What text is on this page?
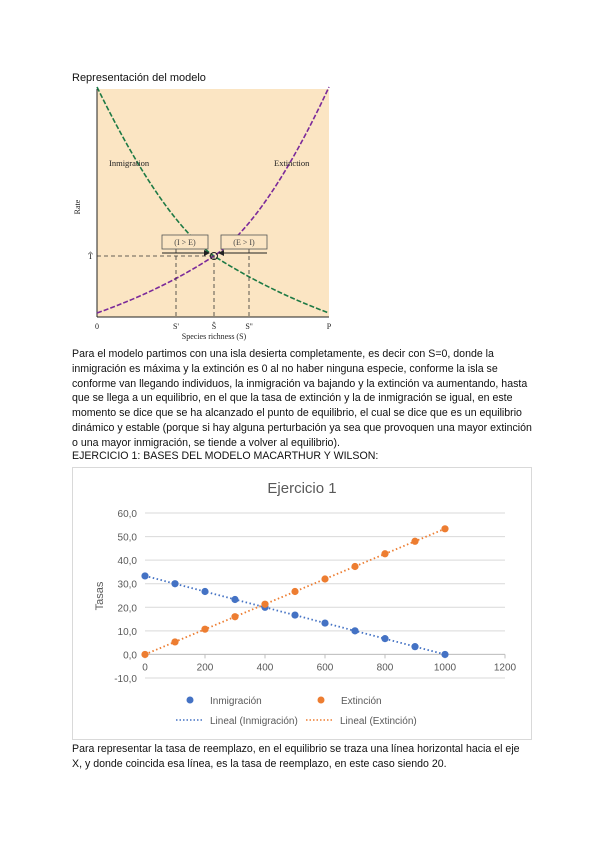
Representación del modelo
(I > E)	(E > I)
Inmigration	Extinction
T̂
Rate
0	S'	Ŝ	S''	P
Species richness (S)
Para el modelo partimos con una isla desierta completamente, es decir con S=0, donde la inmigración es máxima y la extinción es 0 al no haber ninguna especie, conforme la isla se conforme van llegando individuos, la inmigración va bajando y la extinción va aumentando, hasta que se llega a un equilibrio, en el que la tasa de extinción y la de inmigración se igual, en este momento se dice que se ha alcanzado el punto de equilibrio, el cual se dice que es un equilibrio dinámico y estable (porque si hay alguna perturbación ya sea que provoquen una mayor extinción o una mayor inmigración, se tiende a volver al equilibrio).
EJERCICIO 1: BASES DEL MODELO MACARTHUR Y WILSON:
Ejercicio 1
Tasas
-10,0
0,0
10,0
20,0
30,0
40,0
50,0
60,0
0	200	400	600	800	1000	1200
Inmigración	Extinción
Lineal (Inmigración)	Lineal (Extinción)
Para representar la tasa de reemplazo, en el equilibrio se traza una línea horizontal hacia el eje X, y donde coincida esa línea, es la tasa de reemplazo, en este caso siendo 20.
